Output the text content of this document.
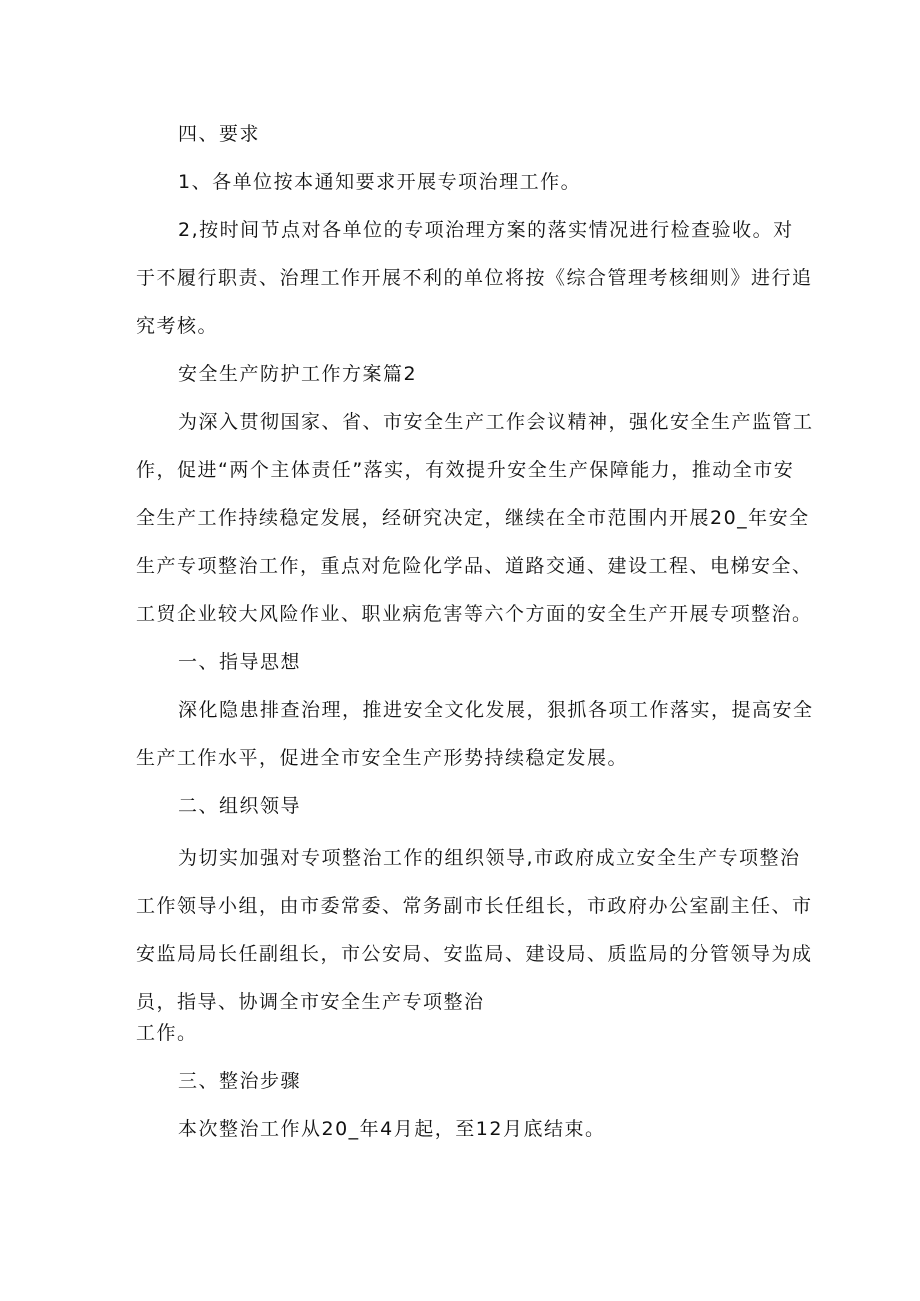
四、要求
1、各单位按本通知要求开展专项治理工作。
2,按时间节点对各单位的专项治理方案的落实情况进行检查验收。对
于不履行职责、治理工作开展不利的单位将按《综合管理考核细则》进行追
究考核。
安全生产防护工作方案篇2
为深入贯彻国家、省、市安全生产工作会议精神，强化安全生产监管工
作，促进“两个主体责任”落实，有效提升安全生产保障能力，推动全市安
全生产工作持续稳定发展，经研究决定，继续在全市范围内开展20_年安全
生产专项整治工作，重点对危险化学品、道路交通、建设工程、电梯安全、
工贸企业较大风险作业、职业病危害等六个方面的安全生产开展专项整治。
一、指导思想
深化隐患排查治理，推进安全文化发展，狠抓各项工作落实，提高安全
生产工作水平，促进全市安全生产形势持续稳定发展。
二、组织领导
为切实加强对专项整治工作的组织领导,市政府成立安全生产专项整治
工作领导小组，由市委常委、常务副市长任组长，市政府办公室副主任、市
安监局局长任副组长，市公安局、安监局、建设局、质监局的分管领导为成
员，指导、协调全市安全生产专项整治
工作。
三、整治步骤
本次整治工作从20_年4月起，至12月底结束。
